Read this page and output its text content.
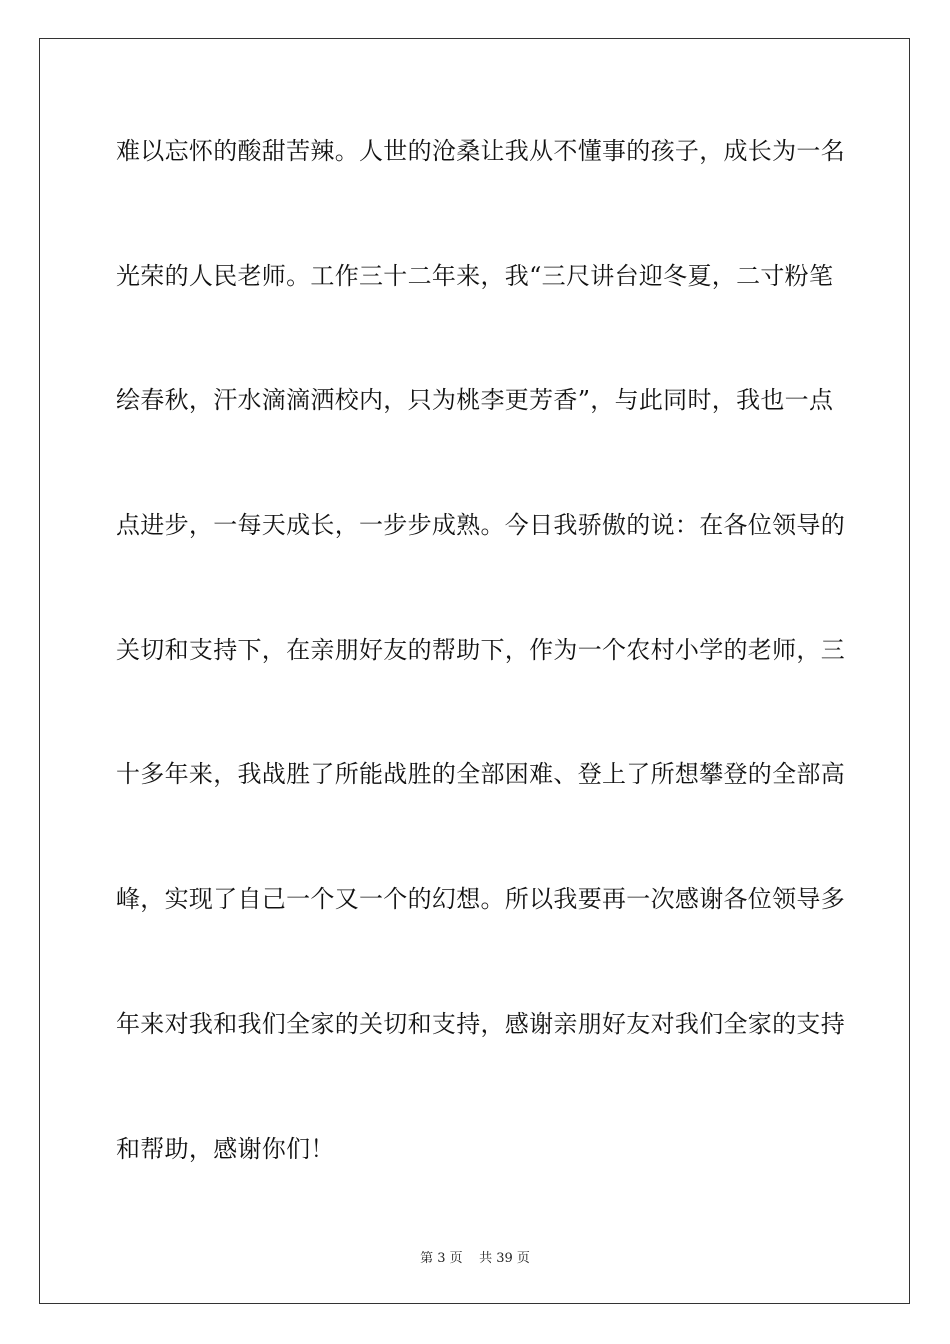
难以忘怀的酸甜苦辣。人世的沧桑让我从不懂事的孩子，成长为一名
光荣的人民老师。工作三十二年来，我“三尺讲台迎冬夏，二寸粉笔
绘春秋，汗水滴滴洒校内，只为桃李更芳香”，与此同时，我也一点
点进步，一每天成长，一步步成熟。今日我骄傲的说：在各位领导的
关切和支持下，在亲朋好友的帮助下，作为一个农村小学的老师，三
十多年来，我战胜了所能战胜的全部困难、登上了所想攀登的全部高
峰，实现了自己一个又一个的幻想。所以我要再一次感谢各位领导多
年来对我和我们全家的关切和支持，感谢亲朋好友对我们全家的支持
和帮助，感谢你们！
第 3 页    共 39 页
